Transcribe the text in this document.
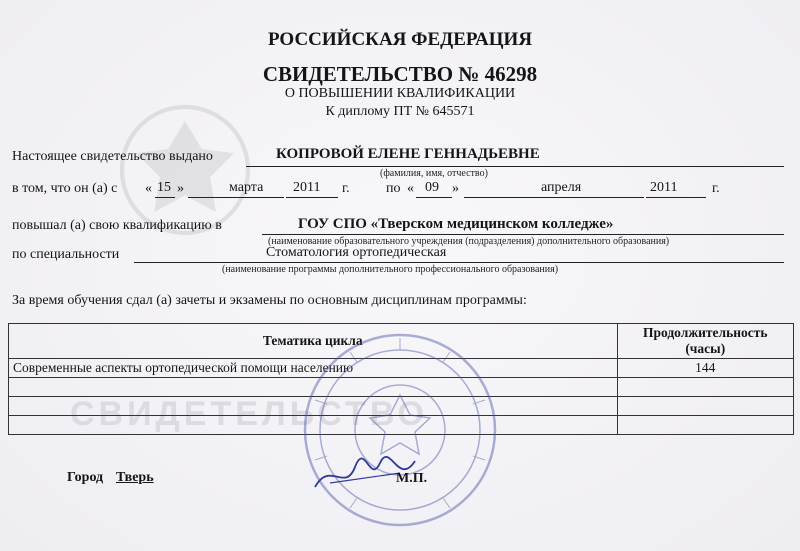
СВИДЕТЕЛЬСТВО
РОССИЙСКАЯ ФЕДЕРАЦИЯ
СВИДЕТЕЛЬСТВО № 46298
О ПОВЫШЕНИИ КВАЛИФИКАЦИИ
К диплому ПТ № 645571
Настоящее свидетельство выдано	КОПРОВОЙ ЕЛЕНЕ ГЕННАДЬЕВНЕ
(фамилия, имя, отчество)
в том, что он (а) с « 15 »	марта 2011 г.	по « 09 »	апреля	2011 г.
повышал (а) свою квалификацию в	ГОУ СПО «Тверском медицинском колледже»
(наименование образовательного учреждения (подразделения) дополнительного образования)
по специальности	Стоматология ортопедическая
(наименование программы дополнительного профессионального образования)
За время обучения сдал (а) зачеты и экзамены по основным дисциплинам программы:
Тематика цикла	Продолжительность
(часы)
Современные аспекты ортопедической помощи населению	144

Город Тверь	М.П.
